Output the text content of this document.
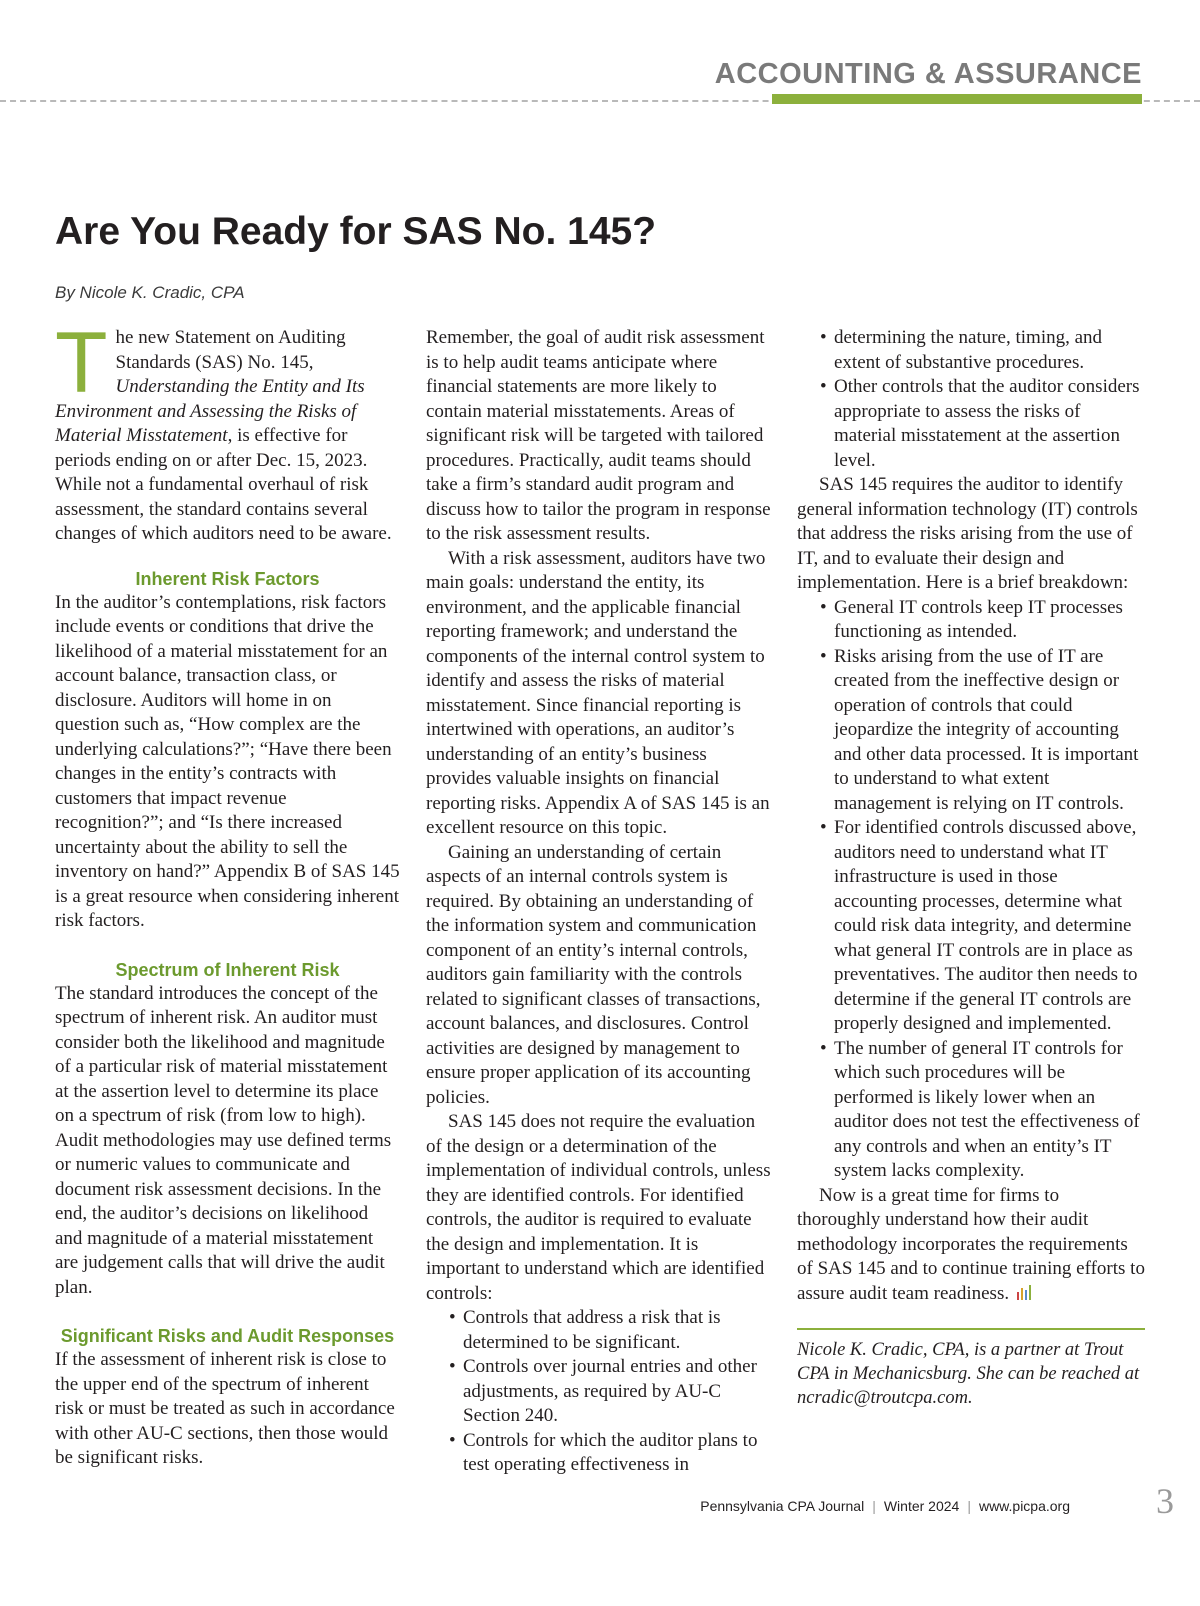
ACCOUNTING & ASSURANCE
Are You Ready for SAS No. 145?
By Nicole K. Cradic, CPA

The new Statement on Auditing Standards (SAS) No. 145, Understanding the Entity and Its Environment and Assessing the Risks of Material Misstatement, is effective for periods ending on or after Dec. 15, 2023. While not a fundamental overhaul of risk assessment, the standard contains several changes of which auditors need to be aware.

Inherent Risk Factors

In the auditor’s contemplations, risk factors include events or conditions that drive the likelihood of a material misstatement for an account balance, transaction class, or disclosure. Auditors will home in on question such as, “How complex are the underlying calculations?”; “Have there been changes in the entity’s contracts with customers that impact revenue recognition?”; and “Is there increased uncertainty about the ability to sell the inventory on hand?” Appendix B of SAS 145 is a great resource when considering inherent risk factors.

Spectrum of Inherent Risk

The standard introduces the concept of the spectrum of inherent risk. An auditor must consider both the likelihood and magnitude of a particular risk of material misstatement at the assertion level to determine its place on a spectrum of risk (from low to high). Audit methodologies may use defined terms or numeric values to communicate and document risk assessment decisions. In the end, the auditor’s decisions on likelihood and magnitude of a material misstatement are judgement calls that will drive the audit plan.

Significant Risks and Audit Responses

If the assessment of inherent risk is close to the upper end of the spectrum of inherent risk or must be treated as such in accordance with other AU-C sections, then those would be significant risks.

Remember, the goal of audit risk assessment is to help audit teams anticipate where financial statements are more likely to contain material misstatements. Areas of significant risk will be targeted with tailored procedures. Practically, audit teams should take a firm’s standard audit program and discuss how to tailor the program in response to the risk assessment results.

With a risk assessment, auditors have two main goals: understand the entity, its environment, and the applicable financial reporting framework; and understand the components of the internal control system to identify and assess the risks of material misstatement. Since financial reporting is intertwined with operations, an auditor’s understanding of an entity’s business provides valuable insights on financial reporting risks. Appendix A of SAS 145 is an excellent resource on this topic.

Gaining an understanding of certain aspects of an internal controls system is required. By obtaining an understanding of the information system and communication component of an entity’s internal controls, auditors gain familiarity with the controls related to significant classes of transactions, account balances, and disclosures. Control activities are designed by management to ensure proper application of its accounting policies.

SAS 145 does not require the evaluation of the design or a determination of the implementation of individual controls, unless they are identified controls. For identified controls, the auditor is required to evaluate the design and implementation. It is important to understand which are identified controls:

• Controls that address a risk that is determined to be significant.
• Controls over journal entries and other adjustments, as required by AU-C Section 240.
• Controls for which the auditor plans to test operating effectiveness in
• determining the nature, timing, and extent of substantive procedures.
• Other controls that the auditor considers appropriate to assess the risks of material misstatement at the assertion level.

SAS 145 requires the auditor to identify general information technology (IT) controls that address the risks arising from the use of IT, and to evaluate their design and implementation. Here is a brief breakdown:

• General IT controls keep IT processes functioning as intended.
• Risks arising from the use of IT are created from the ineffective design or operation of controls that could jeopardize the integrity of accounting and other data processed. It is important to understand to what extent management is relying on IT controls.
• For identified controls discussed above, auditors need to understand what IT infrastructure is used in those accounting processes, determine what could risk data integrity, and determine what general IT controls are in place as preventatives. The auditor then needs to determine if the general IT controls are properly designed and implemented.
• The number of general IT controls for which such procedures will be performed is likely lower when an auditor does not test the effectiveness of any controls and when an entity’s IT system lacks complexity.

Now is a great time for firms to thoroughly understand how their audit methodology incorporates the requirements of SAS 145 and to continue training efforts to assure audit team readiness.

Nicole K. Cradic, CPA, is a partner at Trout CPA in Mechanicsburg. She can be reached at ncradic@troutcpa.com.

Pennsylvania CPA Journal | Winter 2024 | www.picpa.org 3
